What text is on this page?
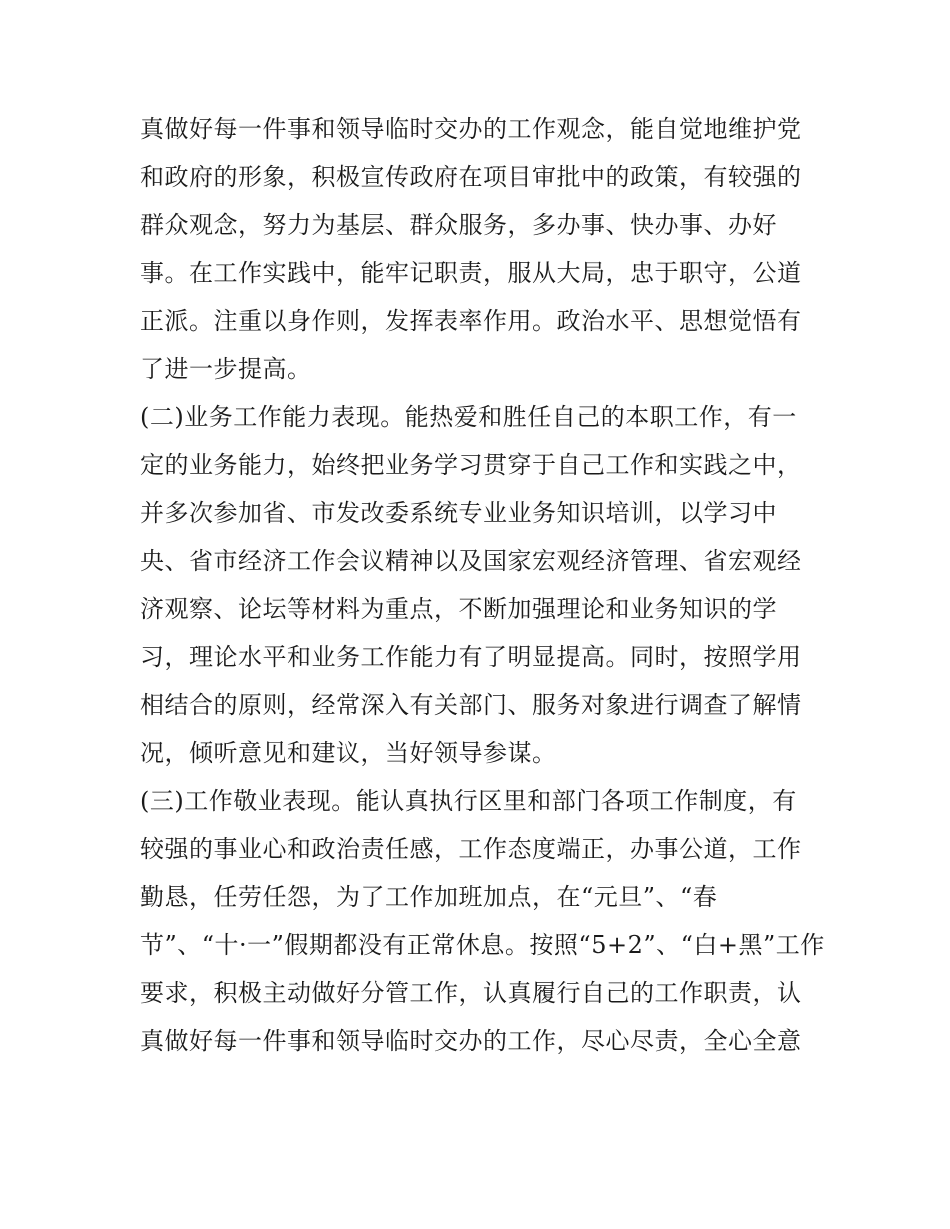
真做好每一件事和领导临时交办的工作观念，能自觉地维护党
和政府的形象，积极宣传政府在项目审批中的政策，有较强的
群众观念，努力为基层、群众服务，多办事、快办事、办好
事。在工作实践中，能牢记职责，服从大局，忠于职守，公道
正派。注重以身作则，发挥表率作用。政治水平、思想觉悟有
了进一步提高。
(二)业务工作能力表现。能热爱和胜任自己的本职工作，有一
定的业务能力，始终把业务学习贯穿于自己工作和实践之中，
并多次参加省、市发改委系统专业业务知识培训，以学习中
央、省市经济工作会议精神以及国家宏观经济管理、省宏观经
济观察、论坛等材料为重点，不断加强理论和业务知识的学
习，理论水平和业务工作能力有了明显提高。同时，按照学用
相结合的原则，经常深入有关部门、服务对象进行调查了解情
况，倾听意见和建议，当好领导参谋。
(三)工作敬业表现。能认真执行区里和部门各项工作制度，有
较强的事业心和政治责任感，工作态度端正，办事公道，工作
勤恳，任劳任怨，为了工作加班加点，在“元旦”、“春
节”、“十·一”假期都没有正常休息。按照“5+2”、“白+黑”工作
要求，积极主动做好分管工作，认真履行自己的工作职责，认
真做好每一件事和领导临时交办的工作，尽心尽责，全心全意
